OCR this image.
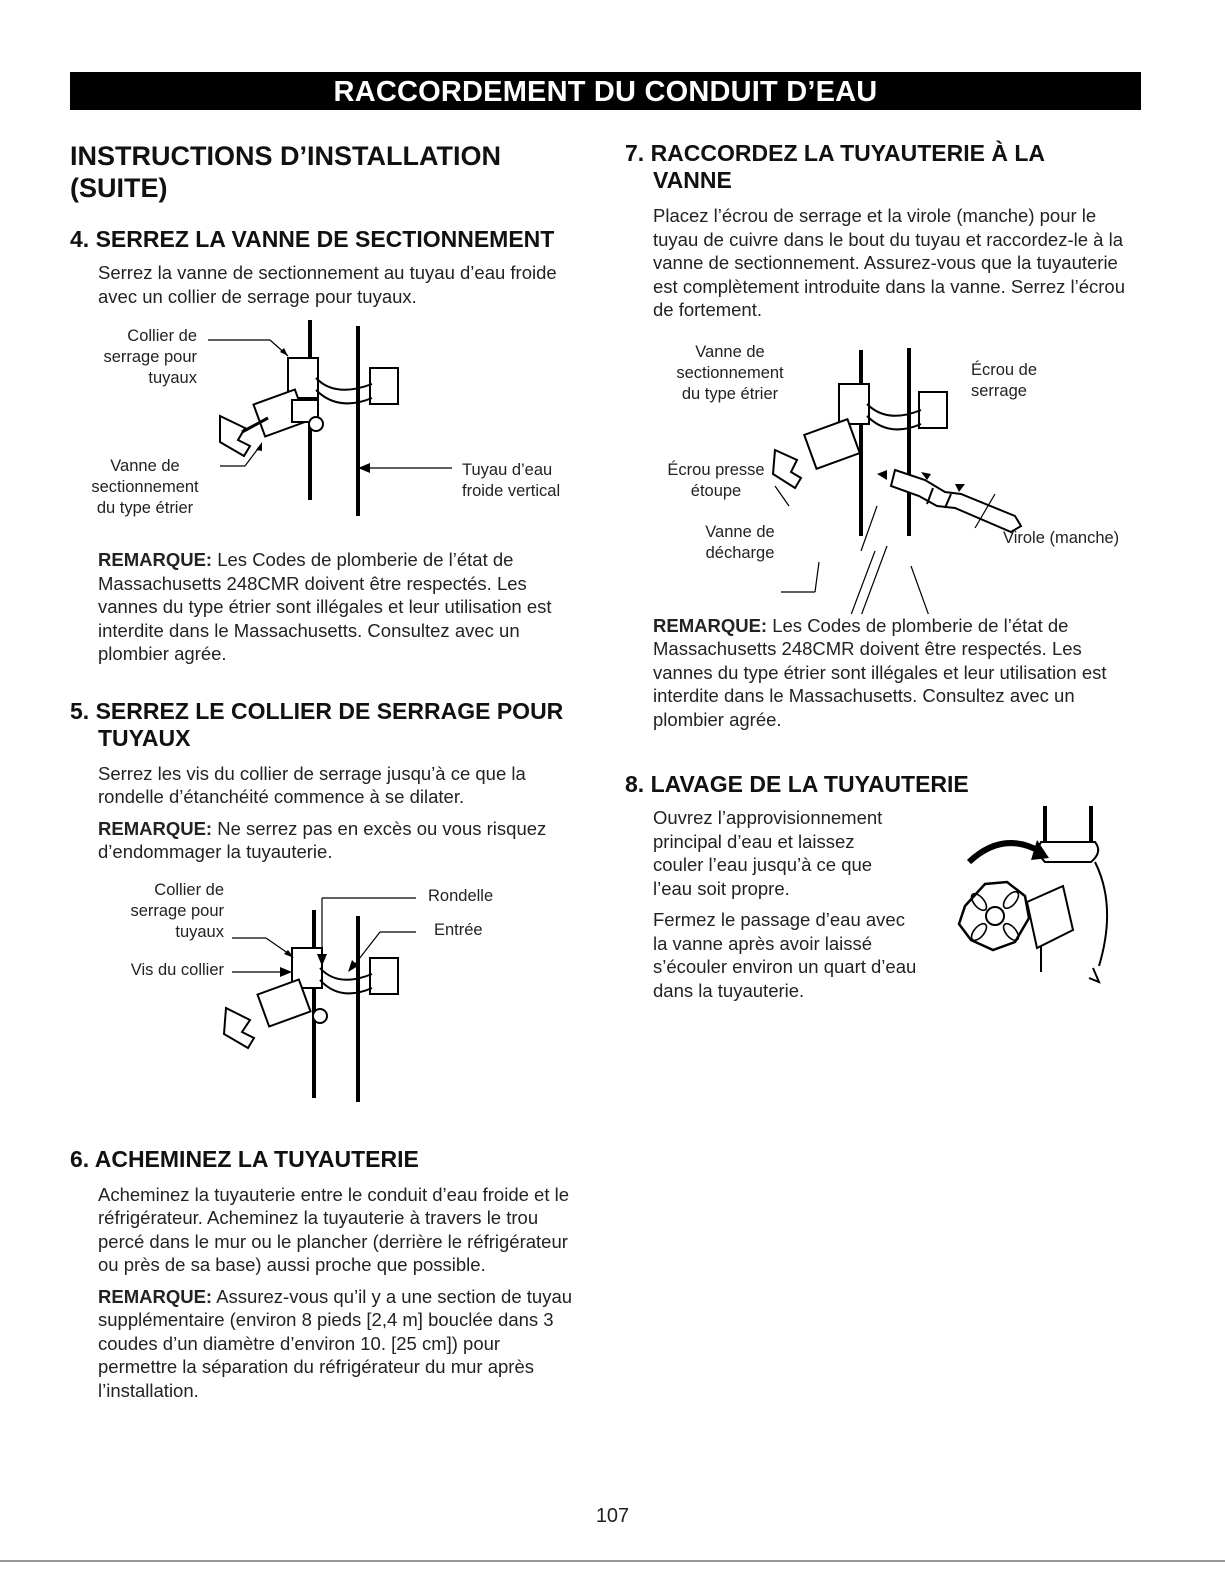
RACCORDEMENT DU CONDUIT D’EAU
INSTRUCTIONS D’INSTALLATION
(SUITE)
4. SERREZ LA VANNE DE SECTIONNEMENT

Serrez la vanne de sectionnement au tuyau d’eau froide avec un collier de serrage pour tuyaux.

Collier de
serrage pour
tuyaux
Vanne de
sectionnement
du type étrier
Tuyau d’eau
froide vertical

REMARQUE: Les Codes de plomberie de l’état de Massachusetts 248CMR doivent être respectés. Les vannes du type étrier sont illégales et leur utilisation est interdite dans le Massachusetts. Consultez avec un plombier agrée.

5. SERREZ LE COLLIER DE SERRAGE POUR
TUYAUX

Serrez les vis du collier de serrage jusqu’à ce que la rondelle d’étanchéité commence à se dilater.

REMARQUE: Ne serrez pas en excès ou vous risquez d’endommager la tuyauterie.

Collier de
serrage pour
tuyaux
Vis du collier
Rondelle
Entrée
6. ACHEMINEZ LA TUYAUTERIE

Acheminez la tuyauterie entre le conduit d’eau froide et le réfrigérateur. Acheminez la tuyauterie à travers le trou percé dans le mur ou le plancher (derrière le réfrigérateur ou près de sa base) aussi proche que possible.

REMARQUE: Assurez-vous qu’il y a une section de tuyau supplémentaire (environ 8 pieds [2,4 m] bouclée dans 3 coudes d’un diamètre d’environ 10. [25 cm]) pour permettre la séparation du réfrigérateur du mur après l’installation.

7. RACCORDEZ LA TUYAUTERIE À LA
VANNE

Placez l’écrou de serrage et la virole (manche) pour le tuyau de cuivre dans le bout du tuyau et raccordez-le à la vanne de sectionnement. Assurez-vous que la tuyauterie est complètement introduite dans la vanne. Serrez l’écrou de fortement.

Vanne de
sectionnement
du type étrier
Écrou de
serrage
Écrou presse
étoupe
Vanne de
décharge
Virole (manche)

REMARQUE: Les Codes de plomberie de l’état de Massachusetts 248CMR doivent être respectés. Les vannes du type étrier sont illégales et leur utilisation est interdite dans le Massachusetts. Consultez avec un plombier agrée.

8. LAVAGE DE LA TUYAUTERIE

Ouvrez l’approvisionnement principal d’eau et laissez couler l’eau jusqu’à ce que l’eau soit propre.

Fermez le passage d’eau avec la vanne après avoir laissé s’écouler environ un quart d’eau dans la tuyauterie.

107
